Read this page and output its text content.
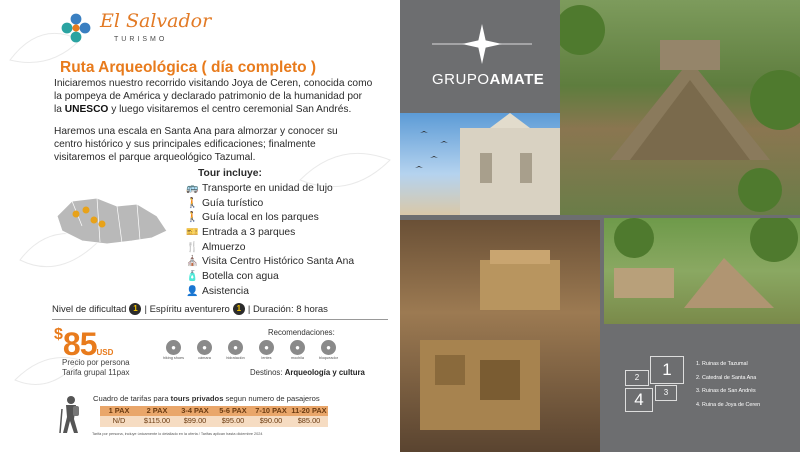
El Salvador
TURISMO
Ruta Arqueológica ( día completo )
Iniciaremos nuestro recorrido visitando Joya de Ceren, conocida como
la pompeya de América y declarado patrimonio de la humanidad por
la UNESCO y luego visitaremos el centro ceremonial San Andrés.
Haremos una escala en Santa Ana para almorzar y conocer su
centro histórico y sus principales edificaciones; finalmente
visitaremos el parque arqueológico Tazumal.
Tour incluye:
🚌 Transporte en unidad de lujo
🚶 Guía turístico
🚶 Guía local en los parques
🎫 Entrada a 3 parques
🍴 Almuerzo
⛪ Visita Centro Histórico Santa Ana
🧴 Botella con agua
👤 Asistencia
Nivel de dificultad 1 | Espíritu aventurero 1 | Duración: 8 horas
$85USD
Precio por persona
Tarifa grupal 11pax
Recomendaciones:
●
hiking shoes
●
cámara
●
hidratación
●
lentes
●
mochila
●
bloqueador
Destinos: Arqueología y cultura
Cuadro de tarifas para tours privados segun numero de pasajeros
1 PAX	2 PAX	3-4 PAX	5-6 PAX	7-10 PAX 11-20 PAX
N/D	$115.00	$99.00	$95.00	$90.00	$85.00
Tarifa por persona, incluye únicamente lo detallado en la oferta / Tarifas aplican hasta diciembre 2024
GRUPOAMATE
1
2
3
4
1. Ruinas de Tazumal
2. Catedral de Santa Ana
3. Ruinas de San Andrés
4. Ruina de Joya de Ceren
